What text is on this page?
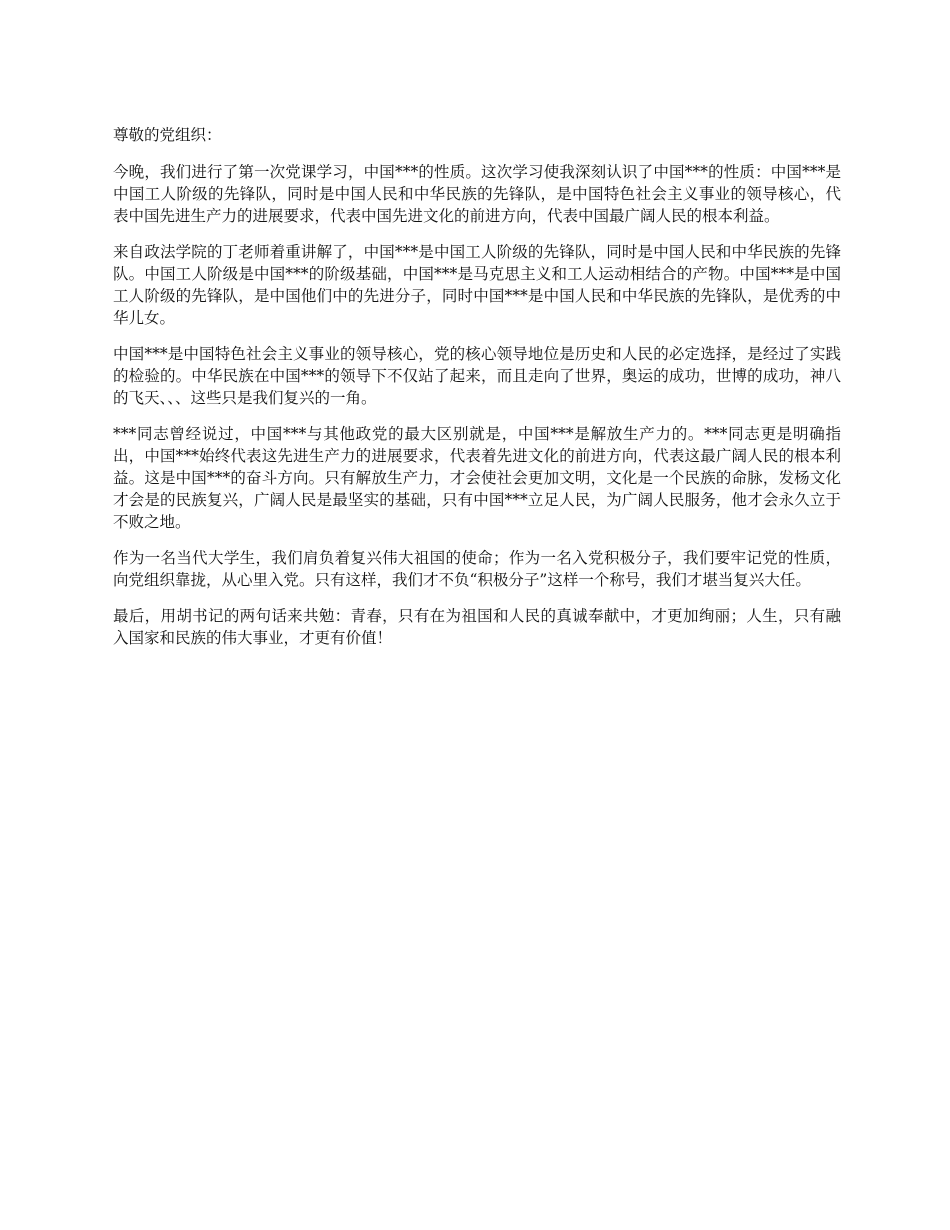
尊敬的党组织：

今晚，我们进行了第一次党课学习，中国***的性质。这次学习使我深刻认识了中国***的性质：中国***是中国工人阶级的先锋队，同时是中国人民和中华民族的先锋队，是中国特色社会主义事业的领导核心，代表中国先进生产力的进展要求，代表中国先进文化的前进方向，代表中国最广阔人民的根本利益。

来自政法学院的丁老师着重讲解了，中国***是中国工人阶级的先锋队，同时是中国人民和中华民族的先锋队。中国工人阶级是中国***的阶级基础，中国***是马克思主义和工人运动相结合的产物。中国***是中国工人阶级的先锋队，是中国他们中的先进分子，同时中国***是中国人民和中华民族的先锋队，是优秀的中华儿女。

中国***是中国特色社会主义事业的领导核心，党的核心领导地位是历史和人民的必定选择，是经过了实践的检验的。中华民族在中国***的领导下不仅站了起来，而且走向了世界，奥运的成功，世博的成功，神八的飞天、、、这些只是我们复兴的一角。

***同志曾经说过，中国***与其他政党的最大区别就是，中国***是解放生产力的。***同志更是明确指出，中国***始终代表这先进生产力的进展要求，代表着先进文化的前进方向，代表这最广阔人民的根本利益。这是中国***的奋斗方向。只有解放生产力，才会使社会更加文明，文化是一个民族的命脉，发杨文化才会是的民族复兴，广阔人民是最坚实的基础，只有中国***立足人民，为广阔人民服务，他才会永久立于不败之地。

作为一名当代大学生，我们肩负着复兴伟大祖国的使命；作为一名入党积极分子，我们要牢记党的性质，向党组织靠拢，从心里入党。只有这样，我们才不负“积极分子”这样一个称号，我们才堪当复兴大任。

最后，用胡书记的两句话来共勉：青春，只有在为祖国和人民的真诚奉献中，才更加绚丽；人生，只有融入国家和民族的伟大事业，才更有价值！
